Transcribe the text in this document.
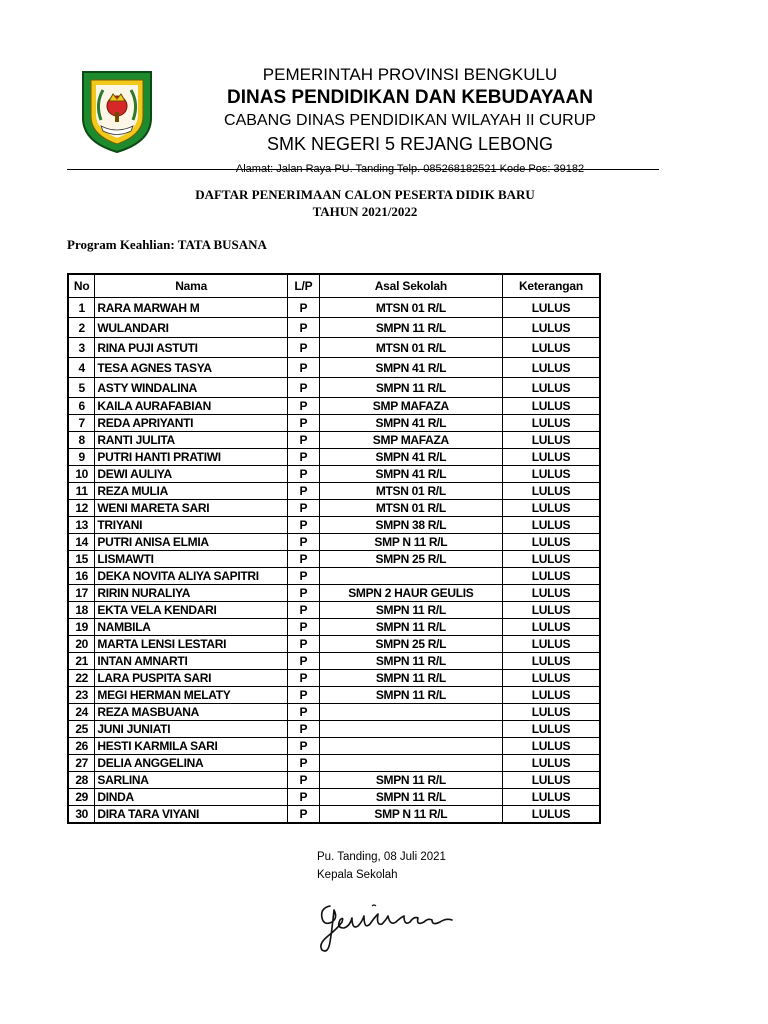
PEMERINTAH PROVINSI BENGKULU
DINAS PENDIDIKAN DAN KEBUDAYAAN
CABANG DINAS PENDIDIKAN WILAYAH II CURUP
SMK NEGERI 5 REJANG LEBONG
Alamat: Jalan Raya PU. Tanding Telp. 085268182521 Kode Pos: 39182
DAFTAR PENERIMAAN CALON PESERTA DIDIK BARU
TAHUN 2021/2022
Program Keahlian: TATA BUSANA
No	Nama	L/P	Asal Sekolah	Keterangan
1	RARA MARWAH M	P	MTSN 01 R/L	LULUS
2	WULANDARI	P	SMPN 11 R/L	LULUS
3	RINA PUJI ASTUTI	P	MTSN 01 R/L	LULUS
4	TESA AGNES TASYA	P	SMPN 41 R/L	LULUS
5	ASTY WINDALINA	P	SMPN 11 R/L	LULUS
6	KAILA AURAFABIAN	P	SMP MAFAZA	LULUS
7	REDA APRIYANTI	P	SMPN 41 R/L	LULUS
8	RANTI JULITA	P	SMP MAFAZA	LULUS
9	PUTRI HANTI PRATIWI	P	SMPN 41 R/L	LULUS
10	DEWI AULIYA	P	SMPN 41 R/L	LULUS
11	REZA MULIA	P	MTSN 01 R/L	LULUS
12	WENI MARETA SARI	P	MTSN 01 R/L	LULUS
13	TRIYANI	P	SMPN 38 R/L	LULUS
14	PUTRI ANISA ELMIA	P	SMP N 11 R/L	LULUS
15	LISMAWTI	P	SMPN 25 R/L	LULUS
16	DEKA NOVITA ALIYA SAPITRI	P		LULUS
17	RIRIN NURALIYA	P	SMPN 2 HAUR GEULIS	LULUS
18	EKTA VELA KENDARI	P	SMPN 11 R/L	LULUS
19	NAMBILA	P	SMPN 11 R/L	LULUS
20	MARTA LENSI LESTARI	P	SMPN 25 R/L	LULUS
21	INTAN AMNARTI	P	SMPN 11 R/L	LULUS
22	LARA PUSPITA SARI	P	SMPN 11 R/L	LULUS
23	MEGI HERMAN MELATY	P	SMPN 11 R/L	LULUS
24	REZA MASBUANA	P		LULUS
25	JUNI JUNIATI	P		LULUS
26	HESTI KARMILA SARI	P		LULUS
27	DELIA ANGGELINA	P		LULUS
28	SARLINA	P	SMPN 11 R/L	LULUS
29	DINDA	P	SMPN 11 R/L	LULUS
30	DIRA TARA VIYANI	P	SMP N 11 R/L	LULUS
Pu. Tanding, 08 Juli 2021
Kepala Sekolah
